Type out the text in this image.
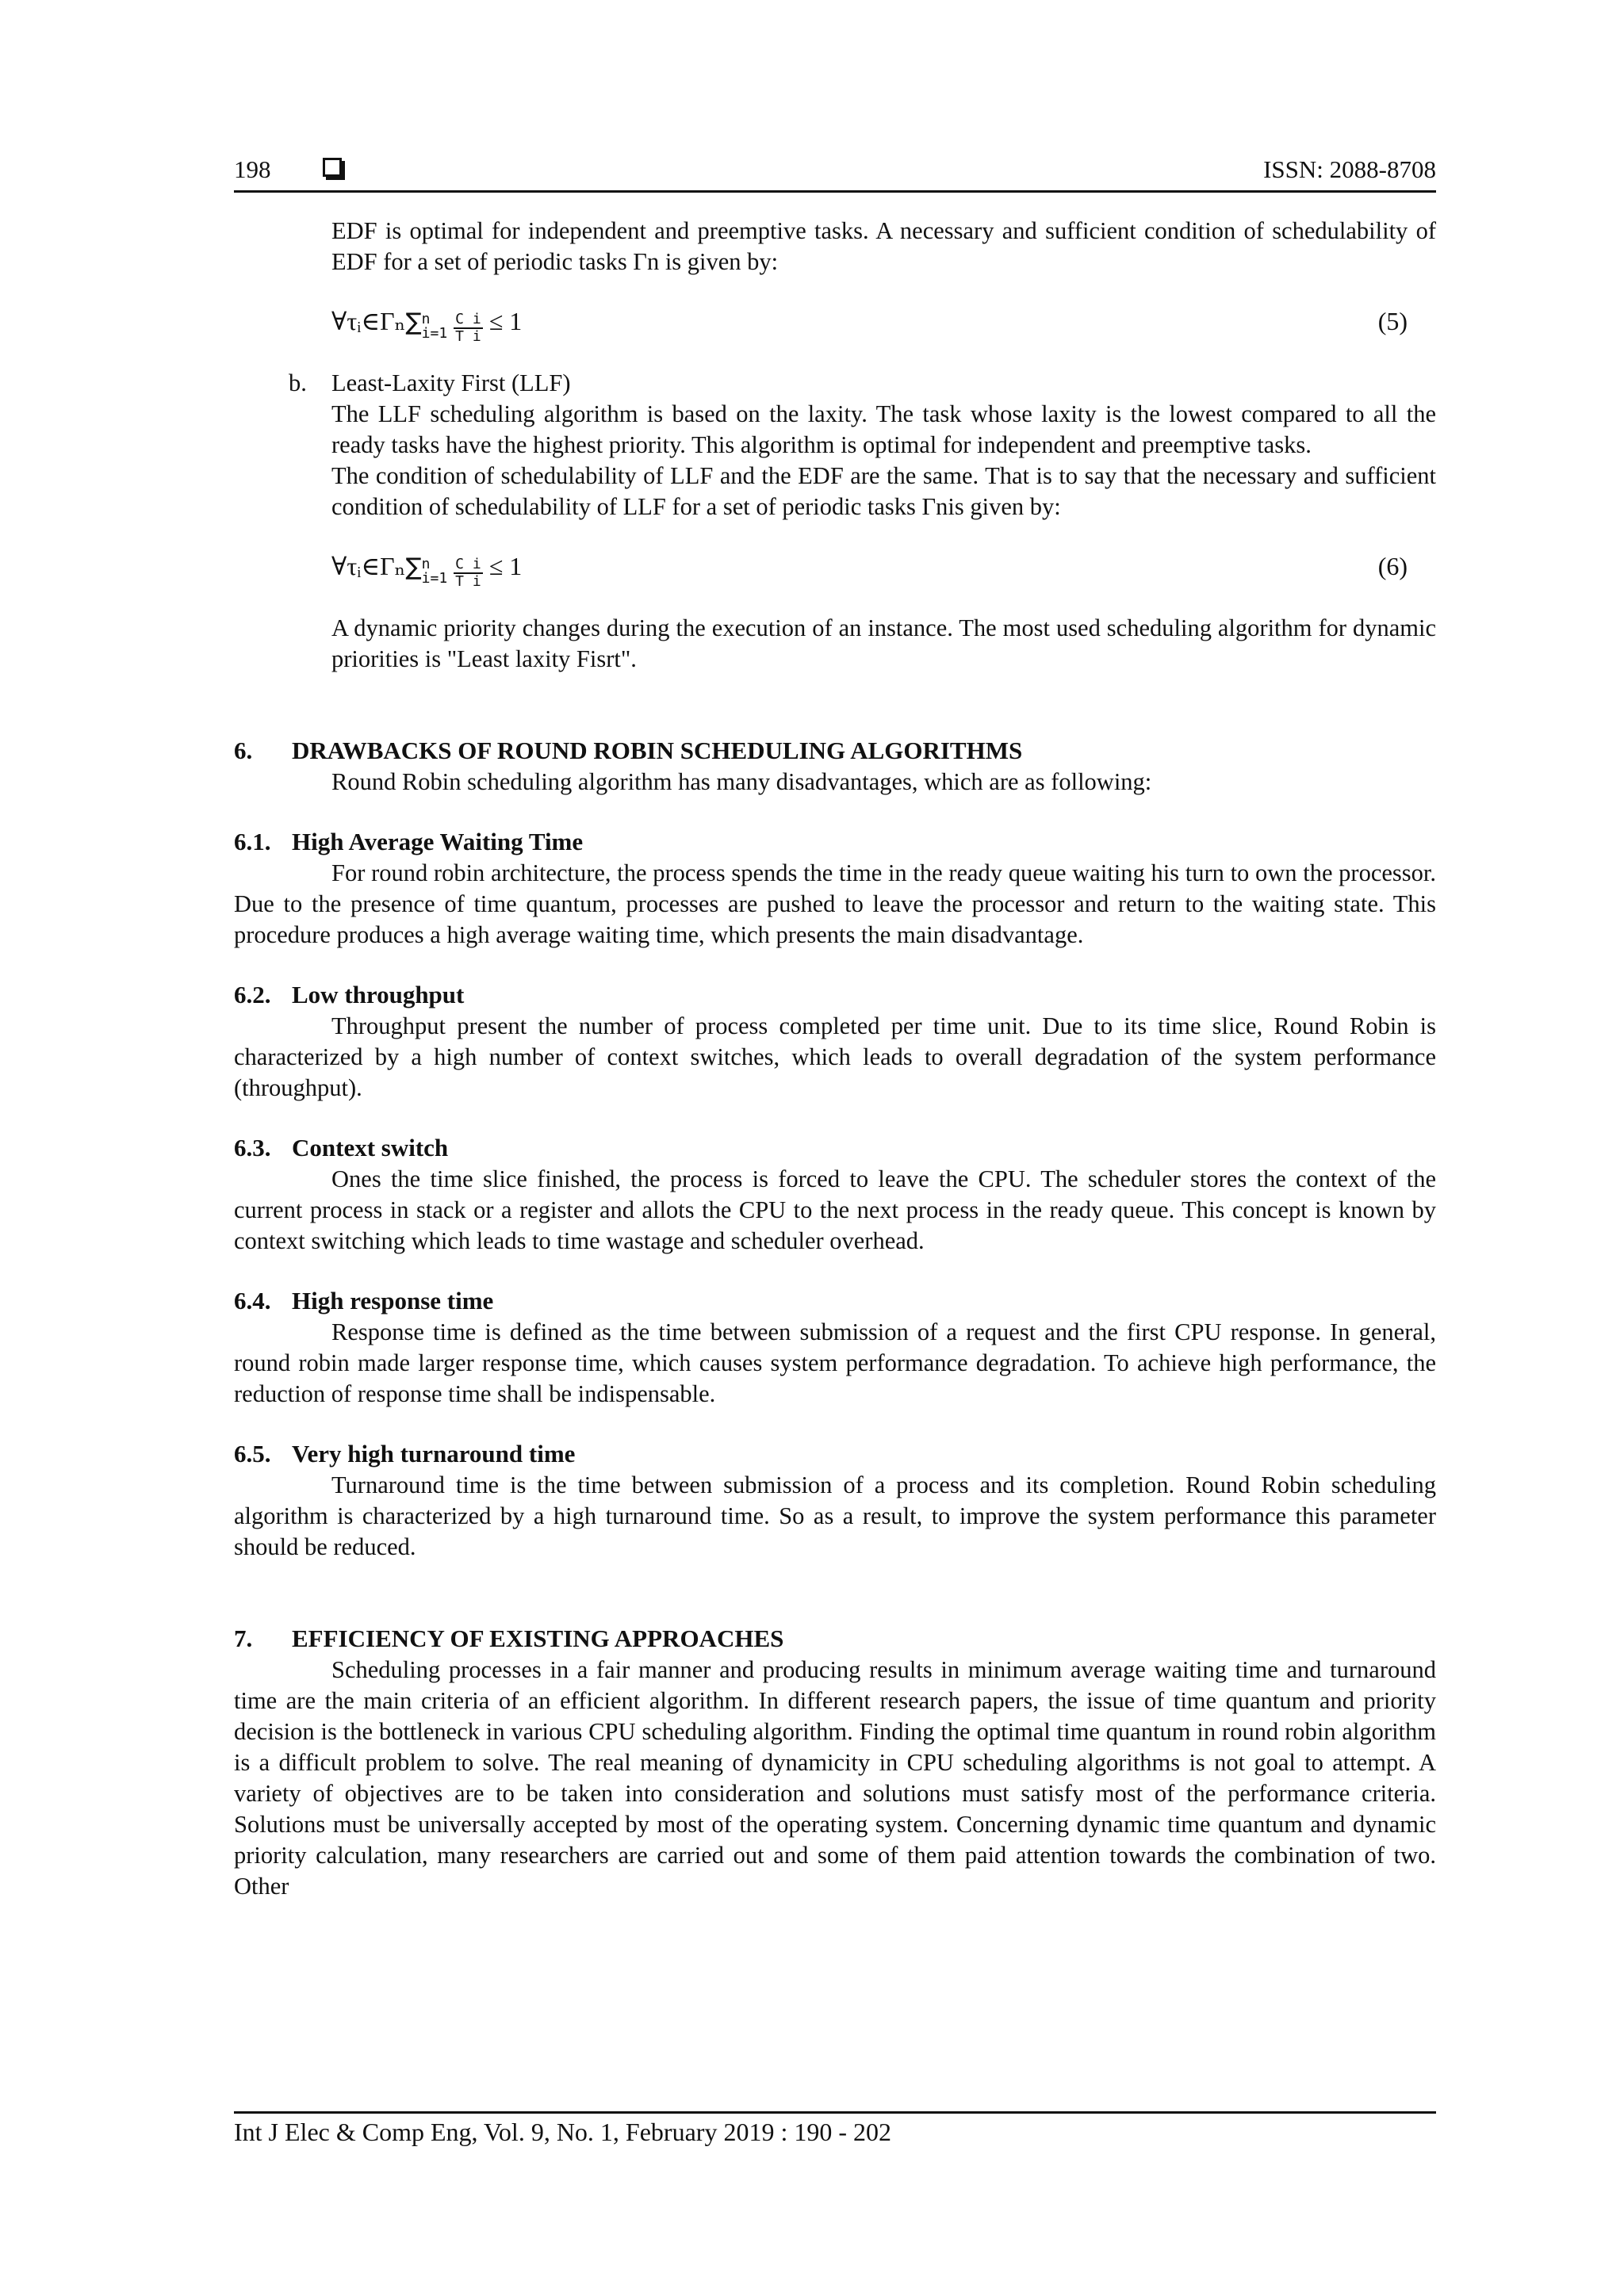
198	ISSN: 2088-8708

EDF is optimal for independent and preemptive tasks. A necessary and sufficient condition of schedulability of EDF for a set of periodic tasks Γn is given by:

∀τᵢ∈Γₙ∑n
$i=1 \frac{\text{C i}}{\text{T i}} \le 1$	(5)
b. Least-Laxity First (LLF)

The LLF scheduling algorithm is based on the laxity. The task whose laxity is the lowest compared to all the ready tasks have the highest priority. This algorithm is optimal for independent and preemptive tasks.

The condition of schedulability of LLF and the EDF are the same. That is to say that the necessary and sufficient condition of schedulability of LLF for a set of periodic tasks Γnis given by:

∀τᵢ∈Γₙ∑n
$i=1 \frac{\text{C i}}{\text{T i}} \le 1$	(6)

A dynamic priority changes during the execution of an instance. The most used scheduling algorithm for dynamic priorities is "Least laxity Fisrt".

6. DRAWBACKS OF ROUND ROBIN SCHEDULING ALGORITHMS

Round Robin scheduling algorithm has many disadvantages, which are as following:

6.1. High Average Waiting Time

For round robin architecture, the process spends the time in the ready queue waiting his turn to own the processor. Due to the presence of time quantum, processes are pushed to leave the processor and return to the waiting state. This procedure produces a high average waiting time, which presents the main disadvantage.

6.2. Low throughput

Throughput present the number of process completed per time unit. Due to its time slice, Round Robin is characterized by a high number of context switches, which leads to overall degradation of the system performance (throughput).

6.3. Context switch

Ones the time slice finished, the process is forced to leave the CPU. The scheduler stores the context of the current process in stack or a register and allots the CPU to the next process in the ready queue. This concept is known by context switching which leads to time wastage and scheduler overhead.

6.4. High response time

Response time is defined as the time between submission of a request and the first CPU response. In general, round robin made larger response time, which causes system performance degradation. To achieve high performance, the reduction of response time shall be indispensable.

6.5. Very high turnaround time

Turnaround time is the time between submission of a process and its completion. Round Robin scheduling algorithm is characterized by a high turnaround time. So as a result, to improve the system performance this parameter should be reduced.

7. EFFICIENCY OF EXISTING APPROACHES

Scheduling processes in a fair manner and producing results in minimum average waiting time and turnaround time are the main criteria of an efficient algorithm. In different research papers, the issue of time quantum and priority decision is the bottleneck in various CPU scheduling algorithm. Finding the optimal time quantum in round robin algorithm is a difficult problem to solve. The real meaning of dynamicity in CPU scheduling algorithms is not goal to attempt. A variety of objectives are to be taken into consideration and solutions must satisfy most of the performance criteria. Solutions must be universally accepted by most of the operating system. Concerning dynamic time quantum and dynamic priority calculation, many researchers are carried out and some of them paid attention towards the combination of two. Other

Int J Elec & Comp Eng, Vol. 9, No. 1, February 2019 : 190 - 202
